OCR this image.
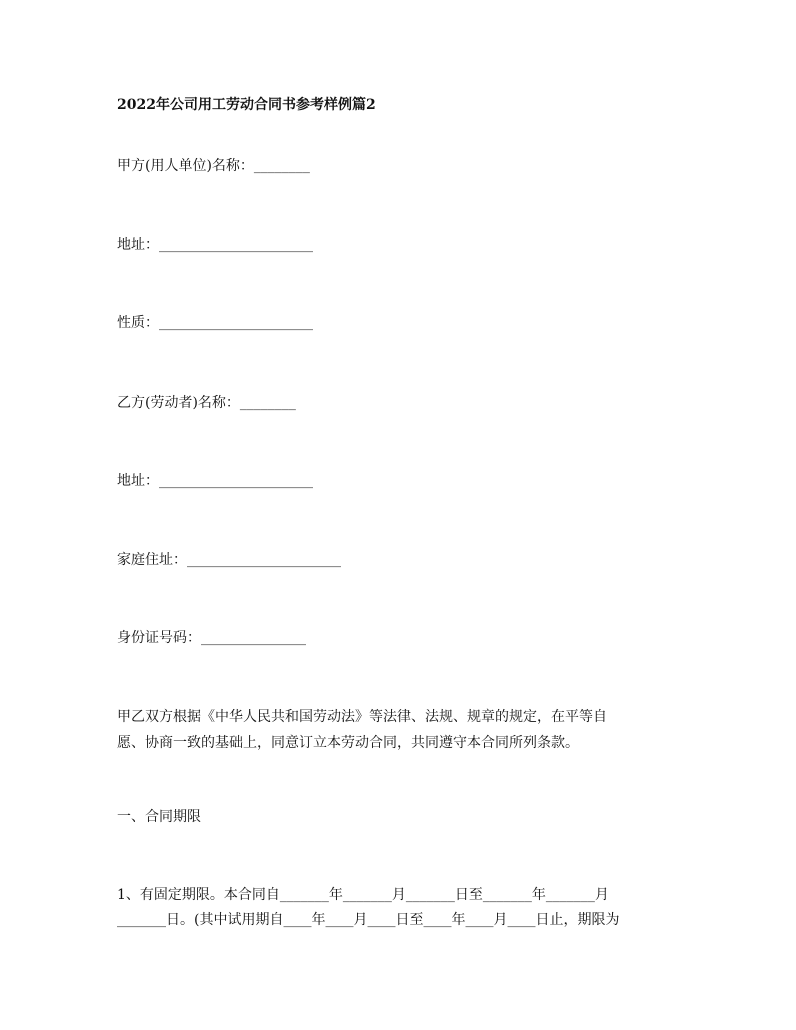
2022年公司用工劳动合同书参考样例篇2
甲方(用人单位)名称：________
地址：______________________
性质：______________________
乙方(劳动者)名称：________
地址：______________________
家庭住址：______________________
身份证号码：_______________
甲乙双方根据《中华人民共和国劳动法》等法律、法规、规章的规定，在平等自
愿、协商一致的基础上，同意订立本劳动合同，共同遵守本合同所列条款。
一、合同期限
1、有固定期限。本合同自_______年_______月_______日至_______年_______月
_______日。(其中试用期自____年____月____日至____年____月____日止，期限为
